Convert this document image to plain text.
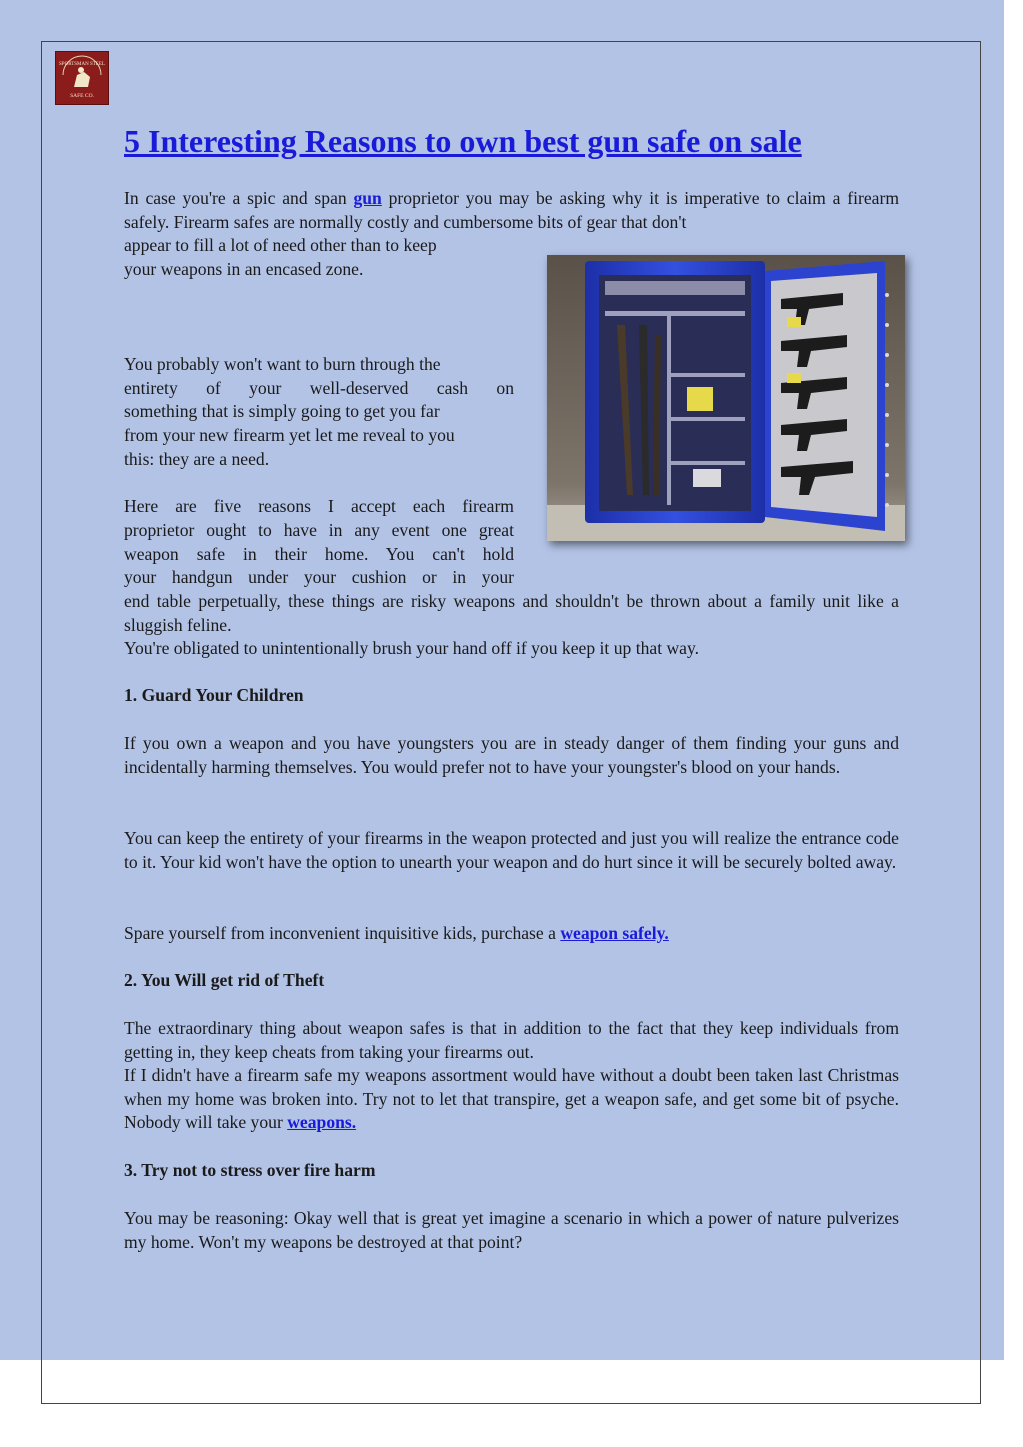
SPORTSMAN STEEL
SAFE CO.
5 Interesting Reasons to own best gun safe on sale

In case you're a spic and span gun proprietor you may be asking why it is imperative to claim a firearm safely. Firearm safes are normally costly and cumbersome bits of gear that don't

appear to fill a lot of need other than to keep

your weapons in an encased zone.

You probably won't want to burn through the

entirety of your well-deserved cash on

something that is simply going to get you far

from your new firearm yet let me reveal to you

this: they are a need.

Here are five reasons I accept each firearm

proprietor ought to have in any event one great

weapon safe in their home. You can't hold

your handgun under your cushion or in your

end table perpetually, these things are risky weapons and shouldn't be thrown about a family unit like a sluggish feline.

You're obligated to unintentionally brush your hand off if you keep it up that way.

1. Guard Your Children

If you own a weapon and you have youngsters you are in steady danger of them finding your guns and incidentally harming themselves. You would prefer not to have your youngster's blood on your hands.

You can keep the entirety of your firearms in the weapon protected and just you will realize the entrance code to it. Your kid won't have the option to unearth your weapon and do hurt since it will be securely bolted away.

Spare yourself from inconvenient inquisitive kids, purchase a weapon safely.

2. You Will get rid of Theft

The extraordinary thing about weapon safes is that in addition to the fact that they keep individuals from getting in, they keep cheats from taking your firearms out.

If I didn't have a firearm safe my weapons assortment would have without a doubt been taken last Christmas when my home was broken into. Try not to let that transpire, get a weapon safe, and get some bit of psyche. Nobody will take your weapons.

3. Try not to stress over fire harm

You may be reasoning: Okay well that is great yet imagine a scenario in which a power of nature pulverizes my home. Won't my weapons be destroyed at that point?
